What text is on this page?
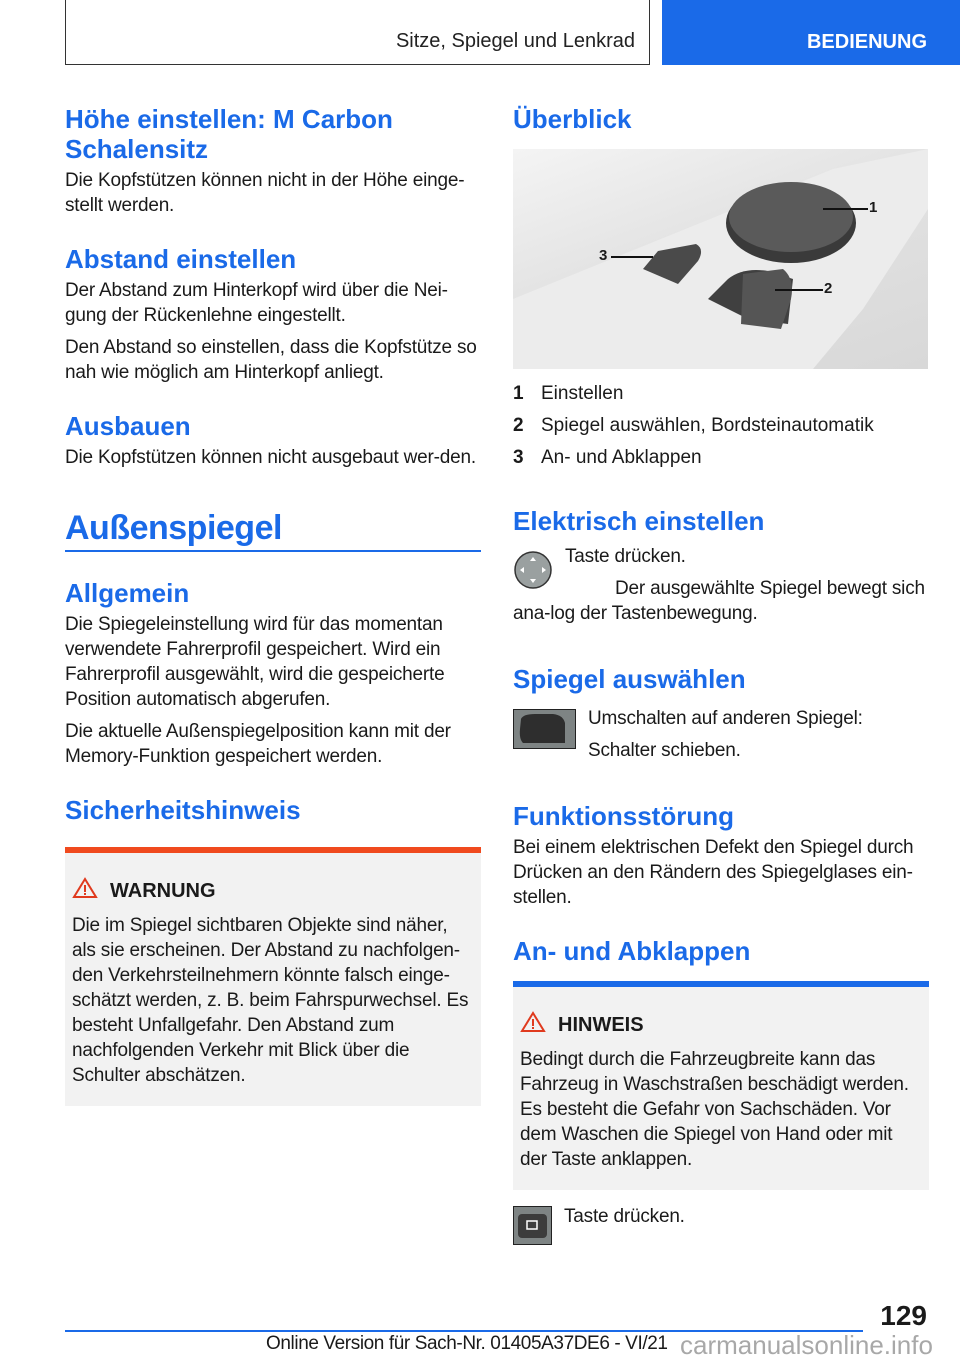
Sitze, Spiegel und Lenkrad	BEDIENUNG
Höhe einstellen: M Carbon Schalensitz

Die Kopfstützen können nicht in der Höhe einge-stellt werden.

Abstand einstellen

Der Abstand zum Hinterkopf wird über die Nei-gung der Rückenlehne eingestellt.

Den Abstand so einstellen, dass die Kopfstütze so nah wie möglich am Hinterkopf anliegt.

Ausbauen

Die Kopfstützen können nicht ausgebaut wer-den.

Außenspiegel
Allgemein

Die Spiegeleinstellung wird für das momentan verwendete Fahrerprofil gespeichert. Wird ein Fahrerprofil ausgewählt, wird die gespeicherte Position automatisch abgerufen.

Die aktuelle Außenspiegelposition kann mit der Memory-Funktion gespeichert werden.

Sicherheitshinweis
WARNUNG

Die im Spiegel sichtbaren Objekte sind näher, als sie erscheinen. Der Abstand zu nachfolgen-den Verkehrsteilnehmern könnte falsch einge-schätzt werden, z. B. beim Fahrspurwechsel. Es besteht Unfallgefahr. Den Abstand zum nachfolgenden Verkehr mit Blick über die Schulter abschätzen.

Überblick
1
2
3
1 Einstellen
2 Spiegel auswählen, Bordsteinautomatik
3 An- und Abklappen
Elektrisch einstellen

Taste drücken.

Der ausgewählte Spiegel bewegt sich ana-log der Tastenbewegung.

Spiegel auswählen

Umschalten auf anderen Spiegel:

Schalter schieben.

Funktionsstörung

Bei einem elektrischen Defekt den Spiegel durch Drücken an den Rändern des Spiegelglases ein-stellen.

An- und Abklappen
HINWEIS

Bedingt durch die Fahrzeugbreite kann das Fahrzeug in Waschstraßen beschädigt werden. Es besteht die Gefahr von Sachschäden. Vor dem Waschen die Spiegel von Hand oder mit der Taste anklappen.

Taste drücken.

129
Online Version für Sach-Nr. 01405A37DE6 - VI/21 carmanualsonline.info
